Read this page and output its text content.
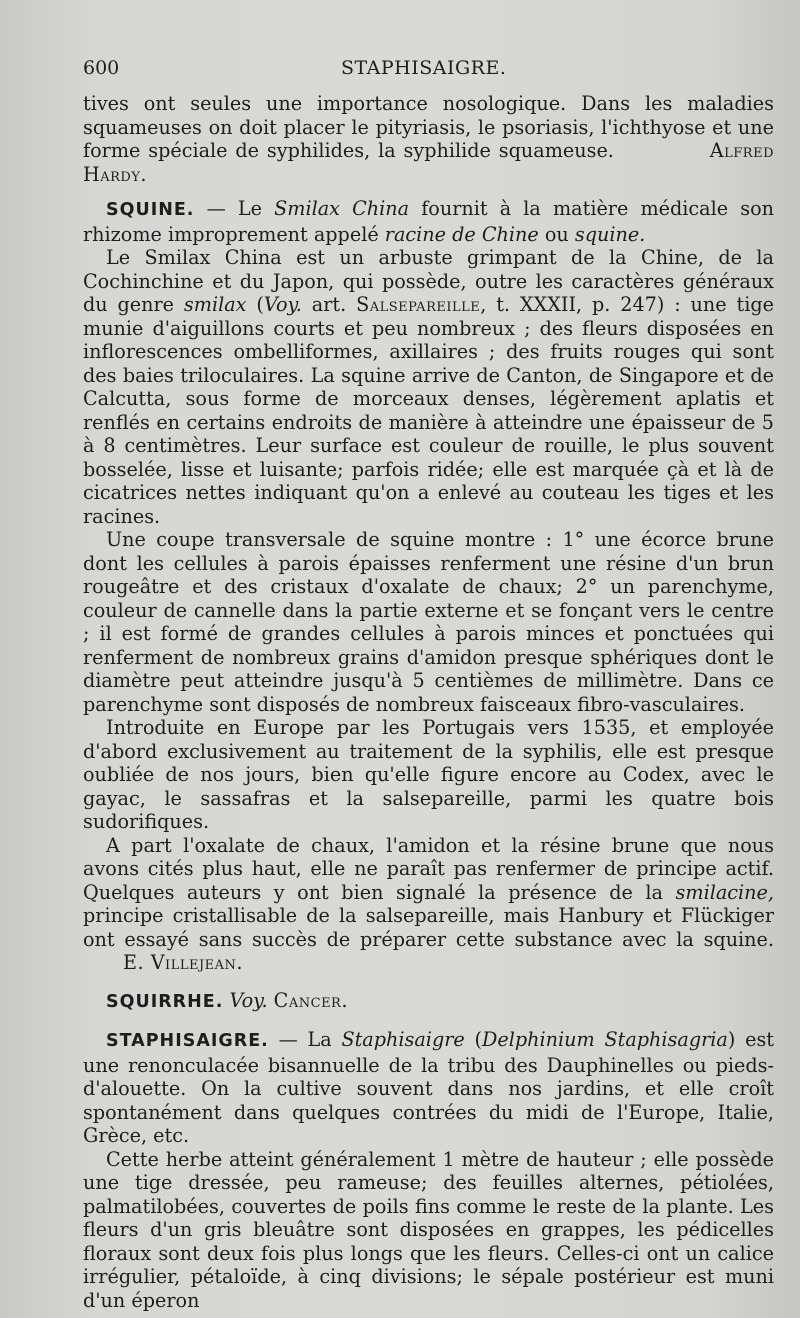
600	STAPHISAIGRE.

tives ont seules une importance nosologique. Dans les maladies squameuses on doit placer le pityriasis, le psoriasis, l'ichthyose et une forme spéciale de syphilides, la syphilide squameuse.	Alfred Hardy.

SQUINE. — Le Smilax China fournit à la matière médicale son rhizome improprement appelé racine de Chine ou squine.

Le Smilax China est un arbuste grimpant de la Chine, de la Cochinchine et du Japon, qui possède, outre les caractères généraux du genre smilax (Voy. art. Salsepareille, t. XXXII, p. 247) : une tige munie d'aiguillons courts et peu nombreux ; des fleurs disposées en inflorescences ombelliformes, axillaires ; des fruits rouges qui sont des baies triloculaires. La squine arrive de Canton, de Singapore et de Calcutta, sous forme de morceaux denses, légèrement aplatis et renflés en certains endroits de manière à atteindre une épaisseur de 5 à 8 centimètres. Leur surface est couleur de rouille, le plus souvent bosselée, lisse et luisante; parfois ridée; elle est marquée çà et là de cicatrices nettes indiquant qu'on a enlevé au couteau les tiges et les racines.

Une coupe transversale de squine montre : 1° une écorce brune dont les cellules à parois épaisses renferment une résine d'un brun rougeâtre et des cristaux d'oxalate de chaux; 2° un parenchyme, couleur de cannelle dans la partie externe et se fonçant vers le centre ; il est formé de grandes cellules à parois minces et ponctuées qui renferment de nombreux grains d'amidon presque sphériques dont le diamètre peut atteindre jusqu'à 5 centièmes de millimètre. Dans ce parenchyme sont disposés de nombreux faisceaux fibro-vasculaires.

Introduite en Europe par les Portugais vers 1535, et employée d'abord exclusivement au traitement de la syphilis, elle est presque oubliée de nos jours, bien qu'elle figure encore au Codex, avec le gayac, le sassafras et la salsepareille, parmi les quatre bois sudorifiques.

A part l'oxalate de chaux, l'amidon et la résine brune que nous avons cités plus haut, elle ne paraît pas renfermer de principe actif. Quelques auteurs y ont bien signalé la présence de la smilacine, principe cristallisable de la salsepareille, mais Hanbury et Flückiger ont essayé sans succès de préparer cette substance avec la squine. E. Villejean.

SQUIRRHE. Voy. Cancer.

STAPHISAIGRE. — La Staphisaigre (Delphinium Staphisagria) est une renonculacée bisannuelle de la tribu des Dauphinelles ou pieds-d'alouette. On la cultive souvent dans nos jardins, et elle croît spontanément dans quelques contrées du midi de l'Europe, Italie, Grèce, etc.

Cette herbe atteint généralement 1 mètre de hauteur ; elle possède une tige dressée, peu rameuse; des feuilles alternes, pétiolées, palmatilobées, couvertes de poils fins comme le reste de la plante. Les fleurs d'un gris bleuâtre sont disposées en grappes, les pédicelles floraux sont deux fois plus longs que les fleurs. Celles-ci ont un calice irrégulier, pétaloïde, à cinq divisions; le sépale postérieur est muni d'un éperon
